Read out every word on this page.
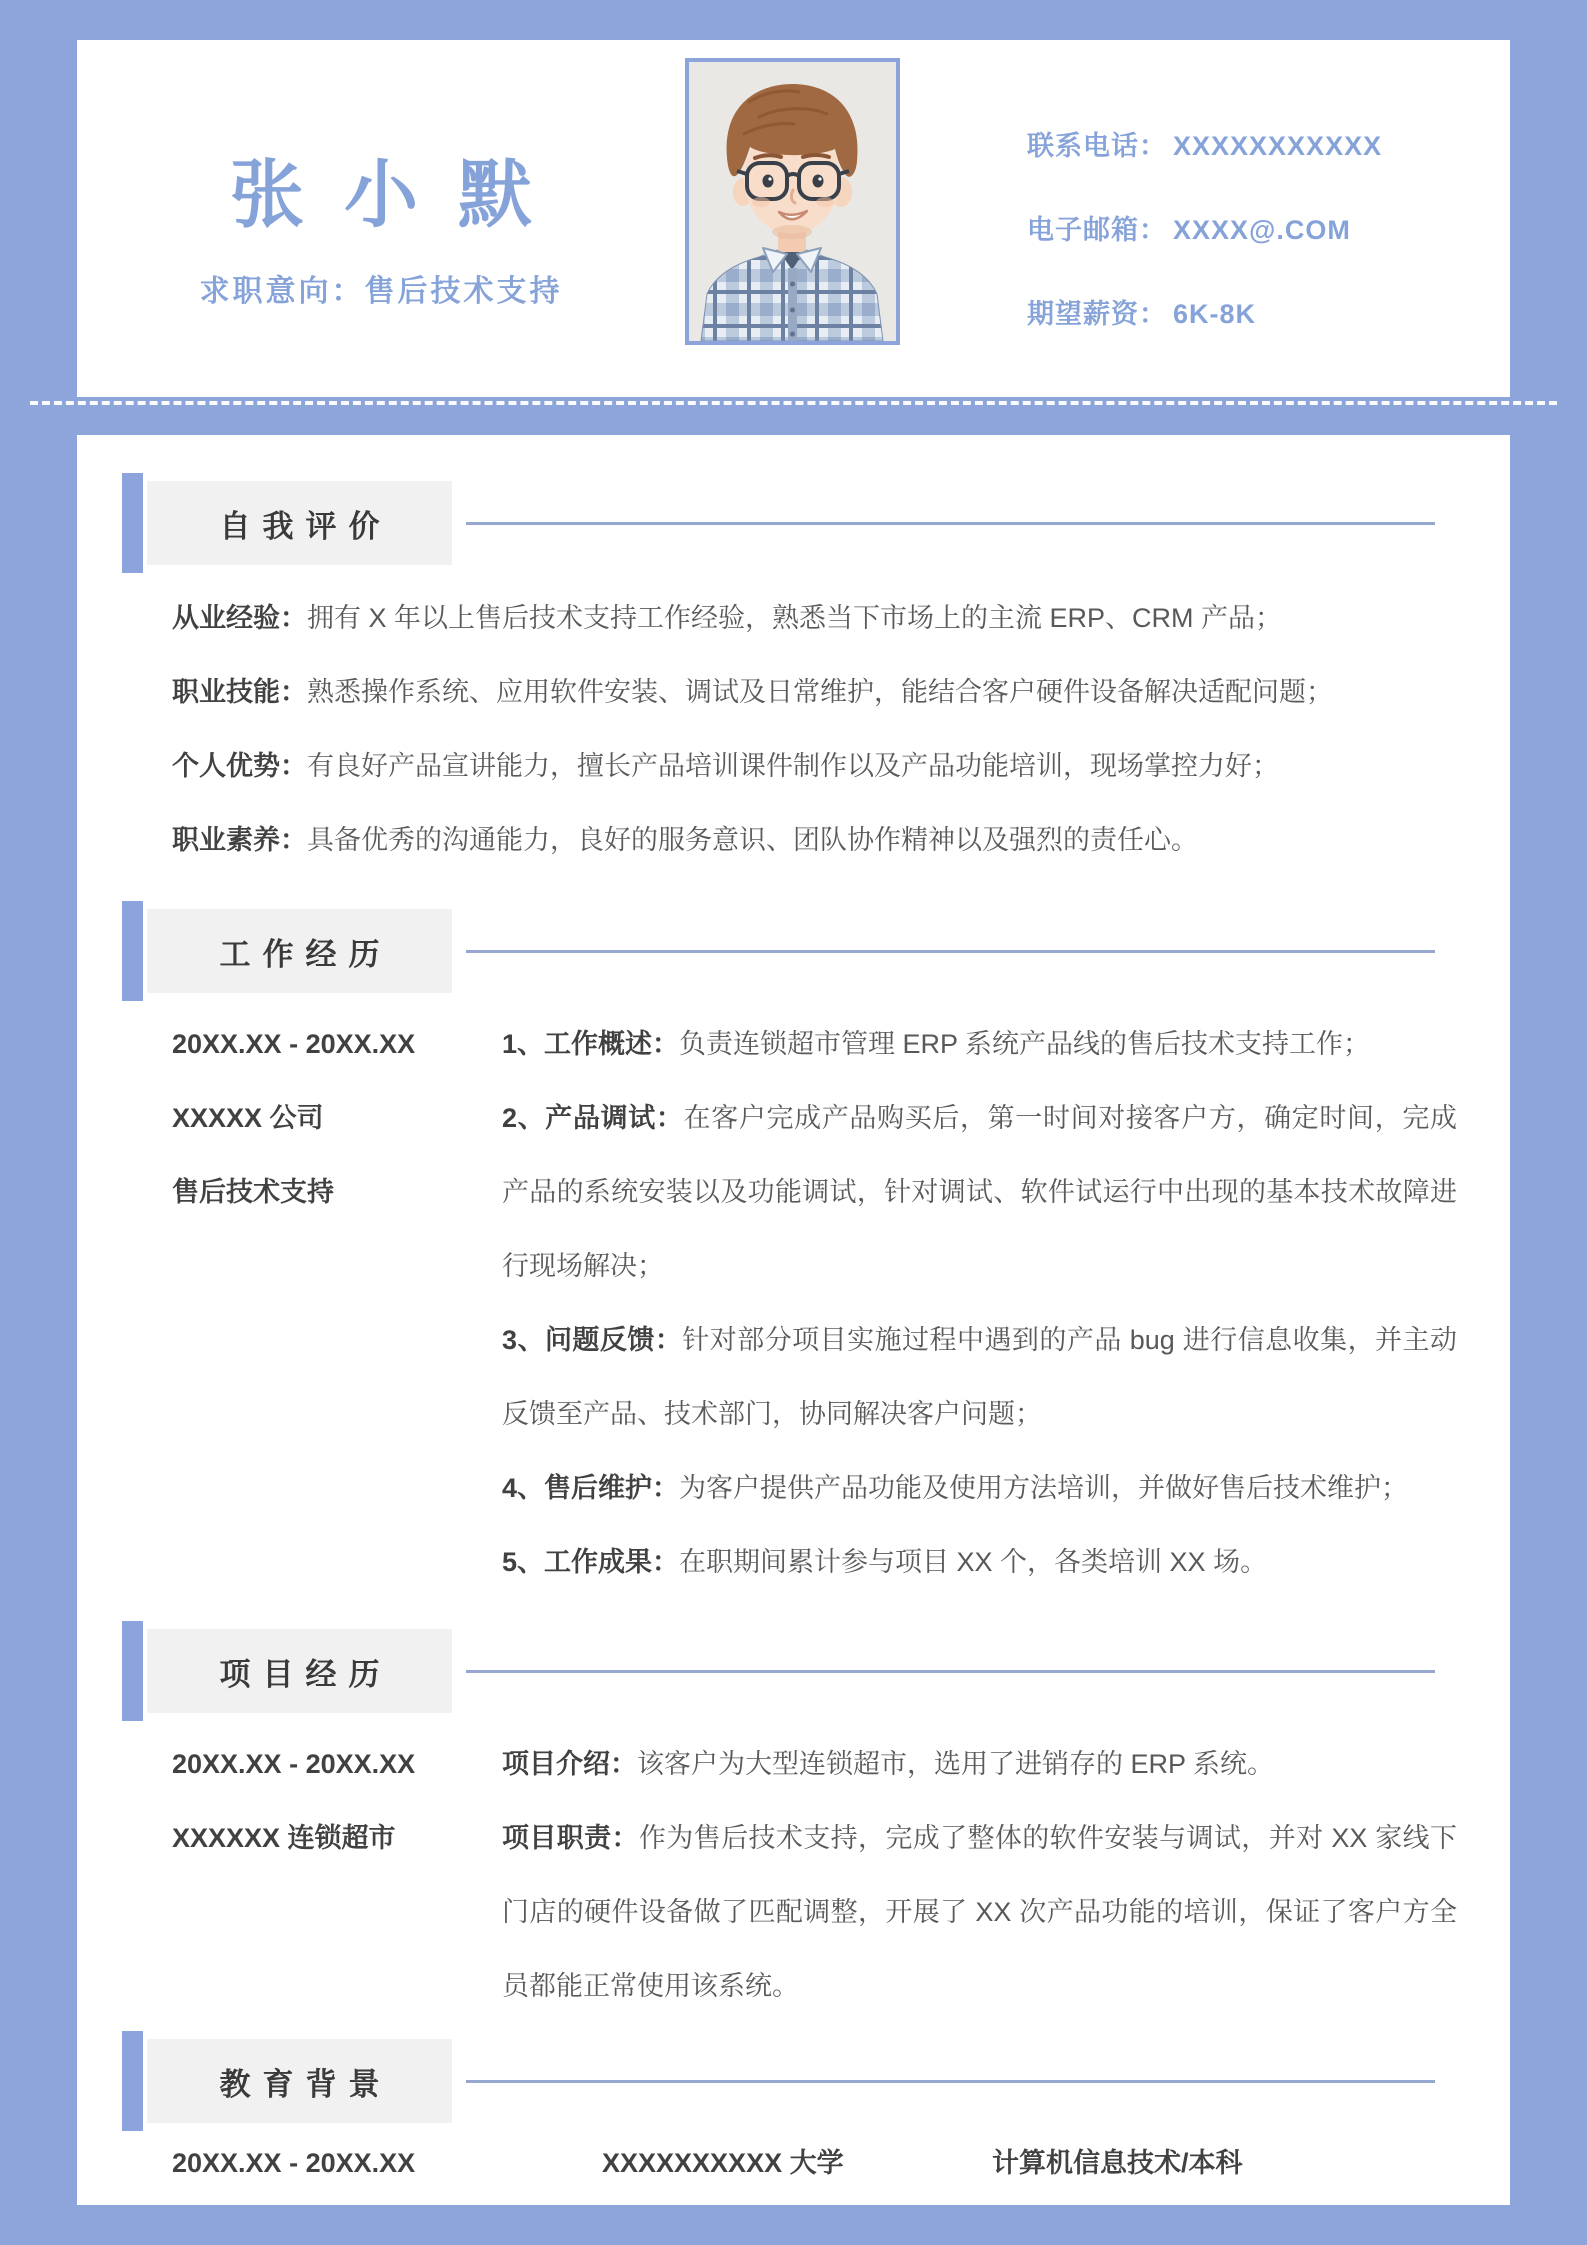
张小默
求职意向：售后技术支持
联系电话： XXXXXXXXXXX
电子邮箱： XXXX@.COM
期望薪资： 6K-8K
自我评价
从业经验：拥有 X 年以上售后技术支持工作经验，熟悉当下市场上的主流 ERP、CRM 产品；
职业技能：熟悉操作系统、应用软件安装、调试及日常维护，能结合客户硬件设备解决适配问题；
个人优势：有良好产品宣讲能力，擅长产品培训课件制作以及产品功能培训，现场掌控力好；
职业素养：具备优秀的沟通能力，良好的服务意识、团队协作精神以及强烈的责任心。
工作经历
20XX.XX - 20XX.XX
XXXXX 公司
售后技术支持
1、工作概述：负责连锁超市管理 ERP 系统产品线的售后技术支持工作；
2、产品调试：在客户完成产品购买后，第一时间对接客户方，确定时间，完成产品的系统安装以及功能调试，针对调试、软件试运行中出现的基本技术故障进行现场解决；
3、问题反馈：针对部分项目实施过程中遇到的产品 bug 进行信息收集，并主动反馈至产品、技术部门，协同解决客户问题；
4、售后维护：为客户提供产品功能及使用方法培训，并做好售后技术维护；
5、工作成果：在职期间累计参与项目 XX 个，各类培训 XX 场。
项目经历
20XX.XX - 20XX.XX
XXXXXX 连锁超市
项目介绍：该客户为大型连锁超市，选用了进销存的 ERP 系统。
项目职责：作为售后技术支持，完成了整体的软件安装与调试，并对 XX 家线下门店的硬件设备做了匹配调整，开展了 XX 次产品功能的培训，保证了客户方全员都能正常使用该系统。
教育背景
20XX.XX - 20XX.XX	XXXXXXXXXX 大学	计算机信息技术/本科
